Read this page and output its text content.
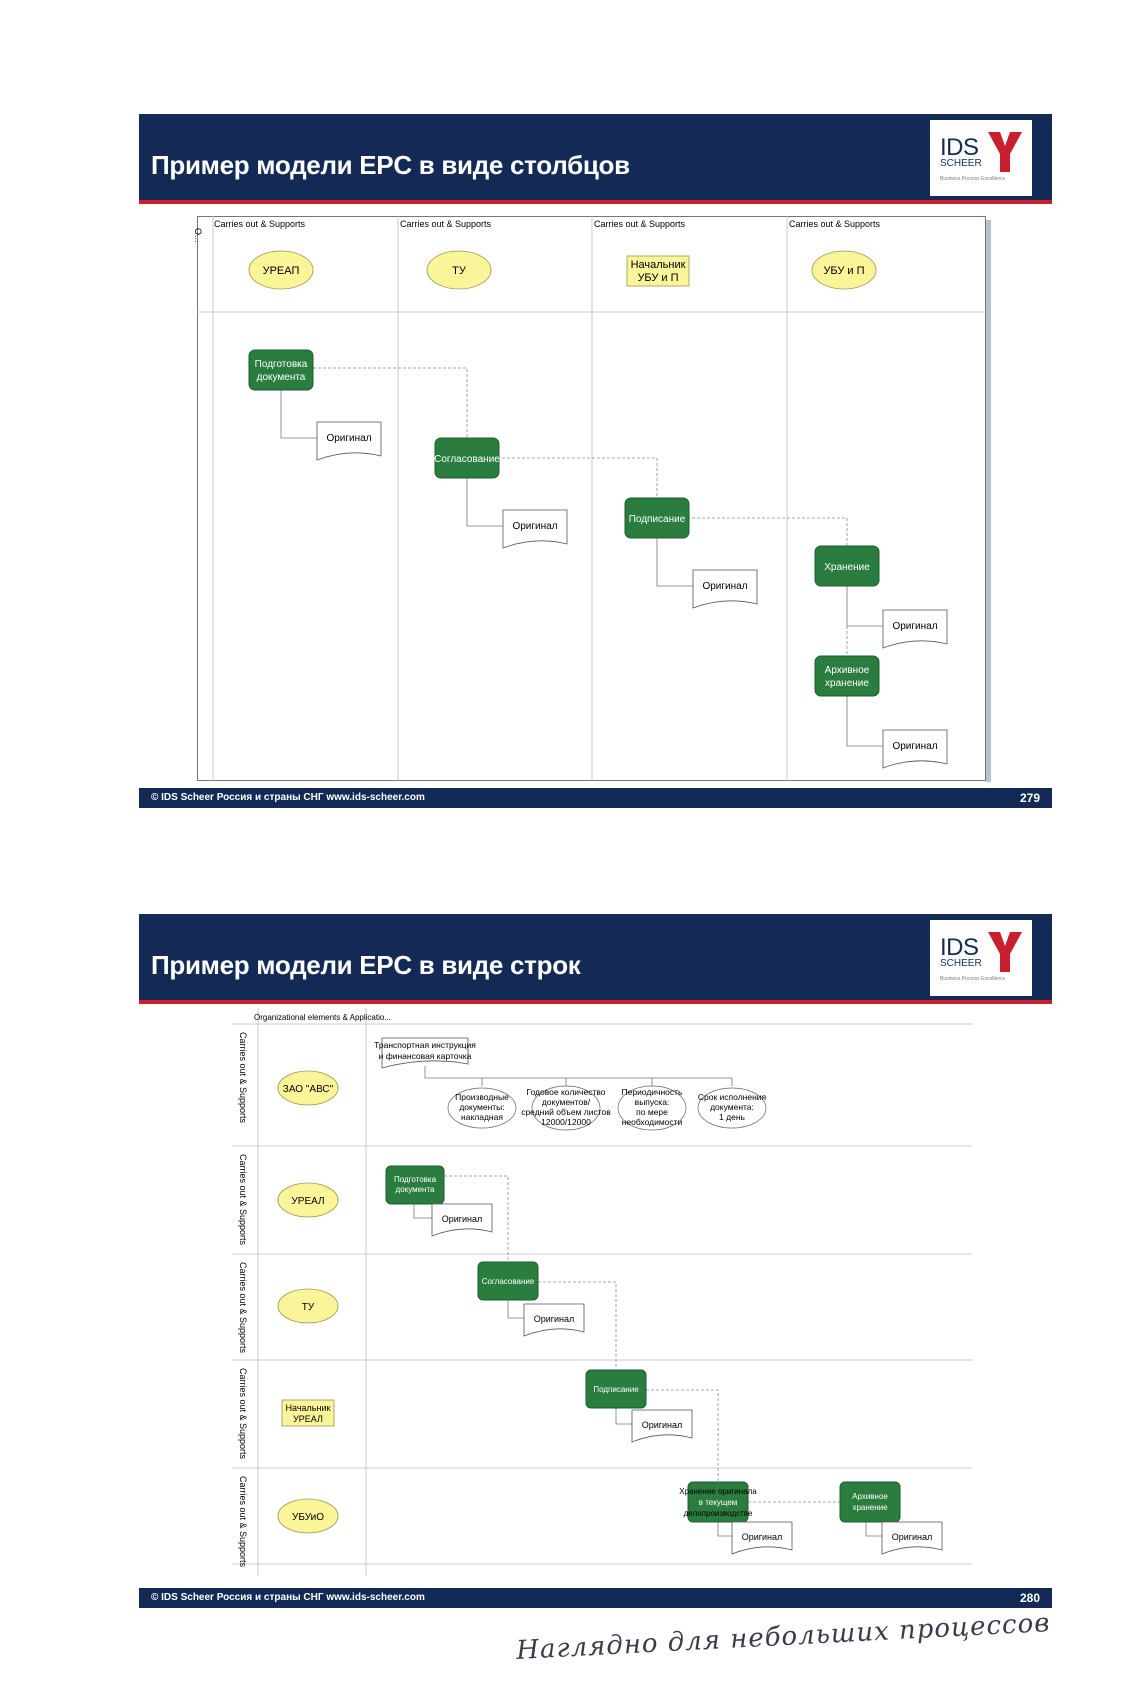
Пример модели EPC в виде столбцов
IDS
SCHEER
Business Process Excellence
O...
Carries out & Supports	Carries out & Supports	Carries out & Supports	Carries out & Supports
УРЕАП	ТУ	Начальник
УБУ и П
УБУ и П
Подготовка
документа
Согласование
Подписание
Хранение
Архивное
хранение
Оригинал
Оригинал
Оригинал
Оригинал
Оригинал
© IDS Scheer Россия и страны СНГ www.ids-scheer.com	279
Пример модели EPC в виде строк
IDS
SCHEER
Business Process Excellence
Organizational elements & Applicatio...
Carries out & Supports
Carries out & Supports
Carries out & Supports
Carries out & Supports
Carries out & Supports
ЗАО "АВС"
УРЕАЛ
ТУ
Начальник
УРЕАЛ
УБУиО
Транспортная инструкция
и финансовая карточка
Производные
документы:
накладная
Годовое количество
документов/
средний объем листов
12000/12000
Периодичность
выпуска:
по мере
необходимости
Срок исполнения
документа:
1 день
Подготовка
документа
Согласование
Подписание
Хранение оригинала
в текущем
делопроизводстве
Архивное
хранение
Оригинал
Оригинал
Оригинал
Оригинал	Оригинал
© IDS Scheer Россия и страны СНГ www.ids-scheer.com	280
Наглядно для небольших процессов
